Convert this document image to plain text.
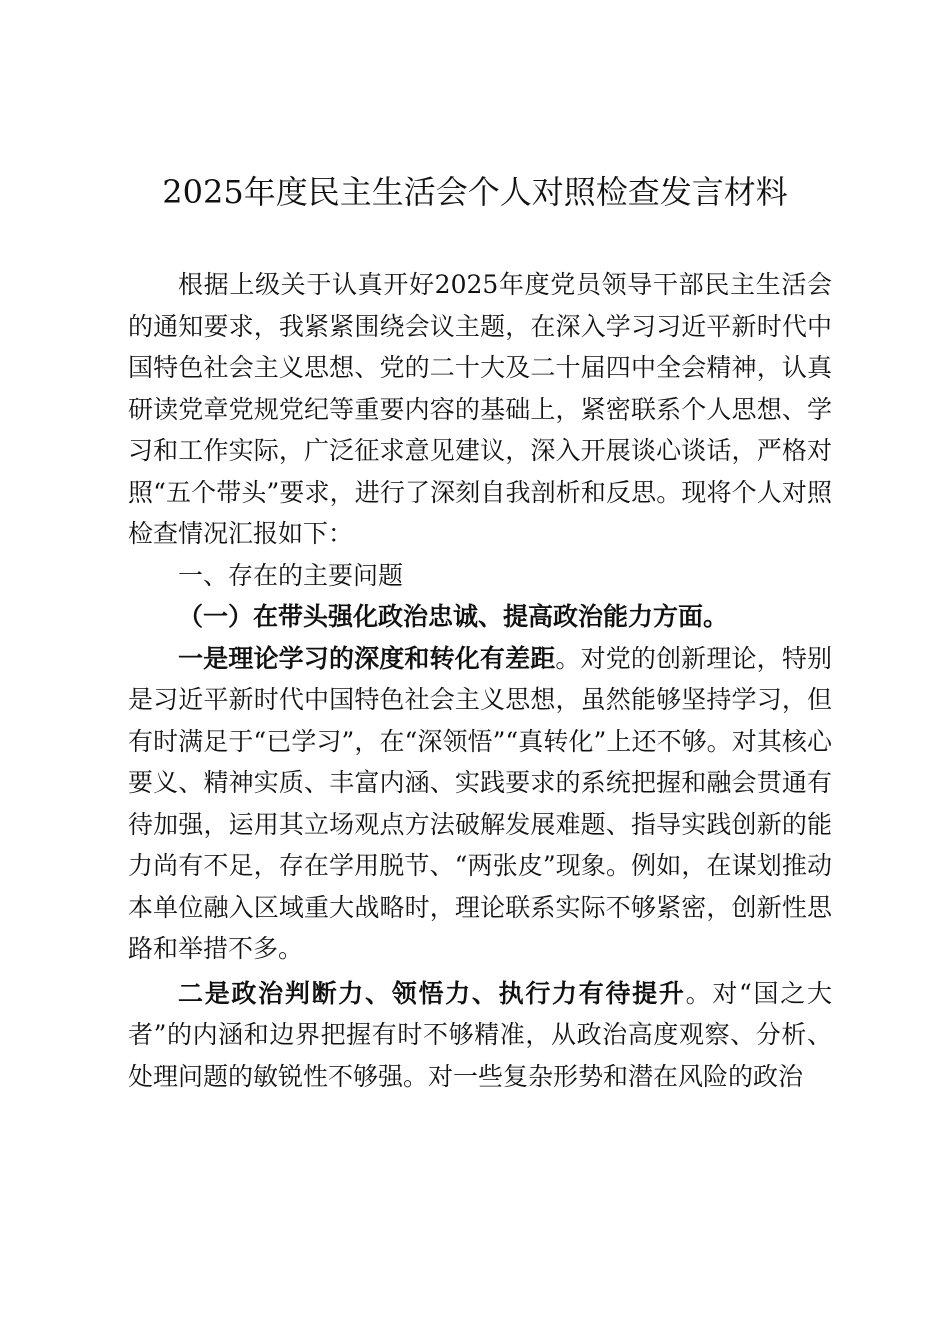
2025年度民主生活会个人对照检查发言材料

根据上级关于认真开好2025年度党员领导干部民主生活会的通知要求，我紧紧围绕会议主题，在深入学习习近平新时代中国特色社会主义思想、党的二十大及二十届四中全会精神，认真研读党章党规党纪等重要内容的基础上，紧密联系个人思想、学习和工作实际，广泛征求意见建议，深入开展谈心谈话，严格对照“五个带头”要求，进行了深刻自我剖析和反思。现将个人对照检查情况汇报如下：

一、存在的主要问题

（一）在带头强化政治忠诚、提高政治能力方面。

一是理论学习的深度和转化有差距。对党的创新理论，特别是习近平新时代中国特色社会主义思想，虽然能够坚持学习，但有时满足于“已学习”，在“深领悟”“真转化”上还不够。对其核心要义、精神实质、丰富内涵、实践要求的系统把握和融会贯通有待加强，运用其立场观点方法破解发展难题、指导实践创新的能力尚有不足，存在学用脱节、“两张皮”现象。例如，在谋划推动本单位融入区域重大战略时，理论联系实际不够紧密，创新性思路和举措不多。

二是政治判断力、领悟力、执行力有待提升。对“国之大者”的内涵和边界把握有时不够精准，从政治高度观察、分析、处理问题的敏锐性不够强。对一些复杂形势和潜在风险的政治
